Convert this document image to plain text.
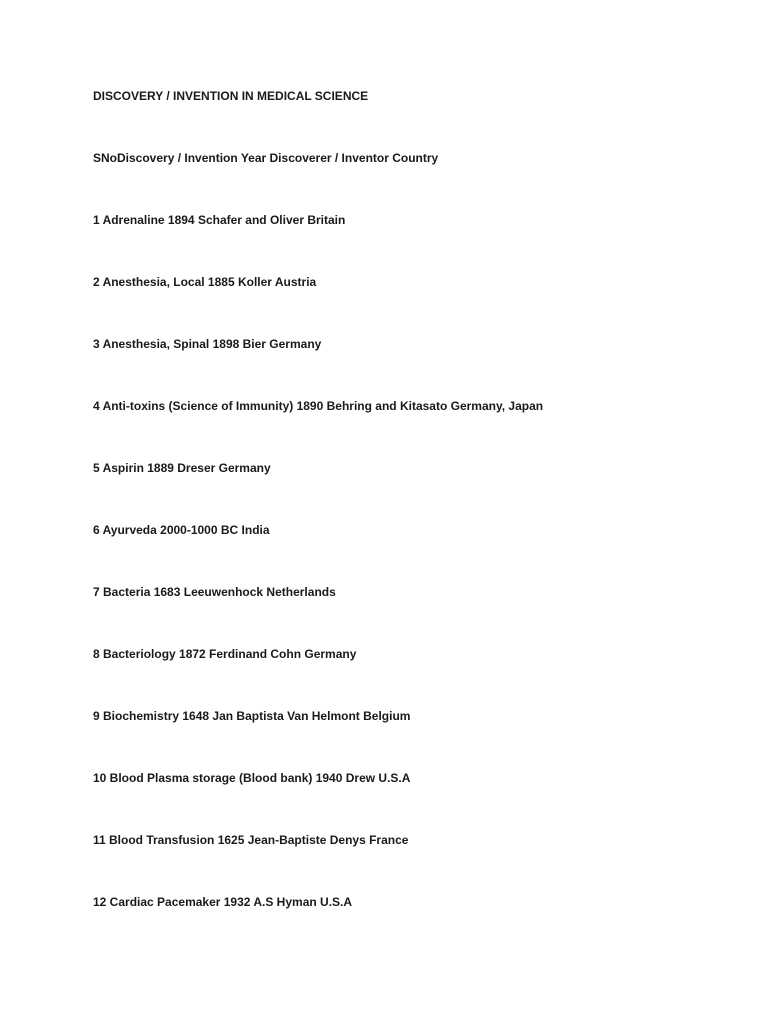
DISCOVERY / INVENTION IN MEDICAL SCIENCE

SNoDiscovery / Invention Year Discoverer / Inventor Country

1 Adrenaline 1894 Schafer and Oliver Britain

2 Anesthesia, Local 1885 Koller Austria

3 Anesthesia, Spinal 1898 Bier Germany

4 Anti-toxins (Science of Immunity) 1890 Behring and Kitasato Germany, Japan

5 Aspirin 1889 Dreser Germany

6 Ayurveda 2000-1000 BC India

7 Bacteria 1683 Leeuwenhock Netherlands

8 Bacteriology 1872 Ferdinand Cohn Germany

9 Biochemistry 1648 Jan Baptista Van Helmont Belgium

10 Blood Plasma storage (Blood bank) 1940 Drew U.S.A

11 Blood Transfusion 1625 Jean-Baptiste Denys France

12 Cardiac Pacemaker 1932 A.S Hyman U.S.A
